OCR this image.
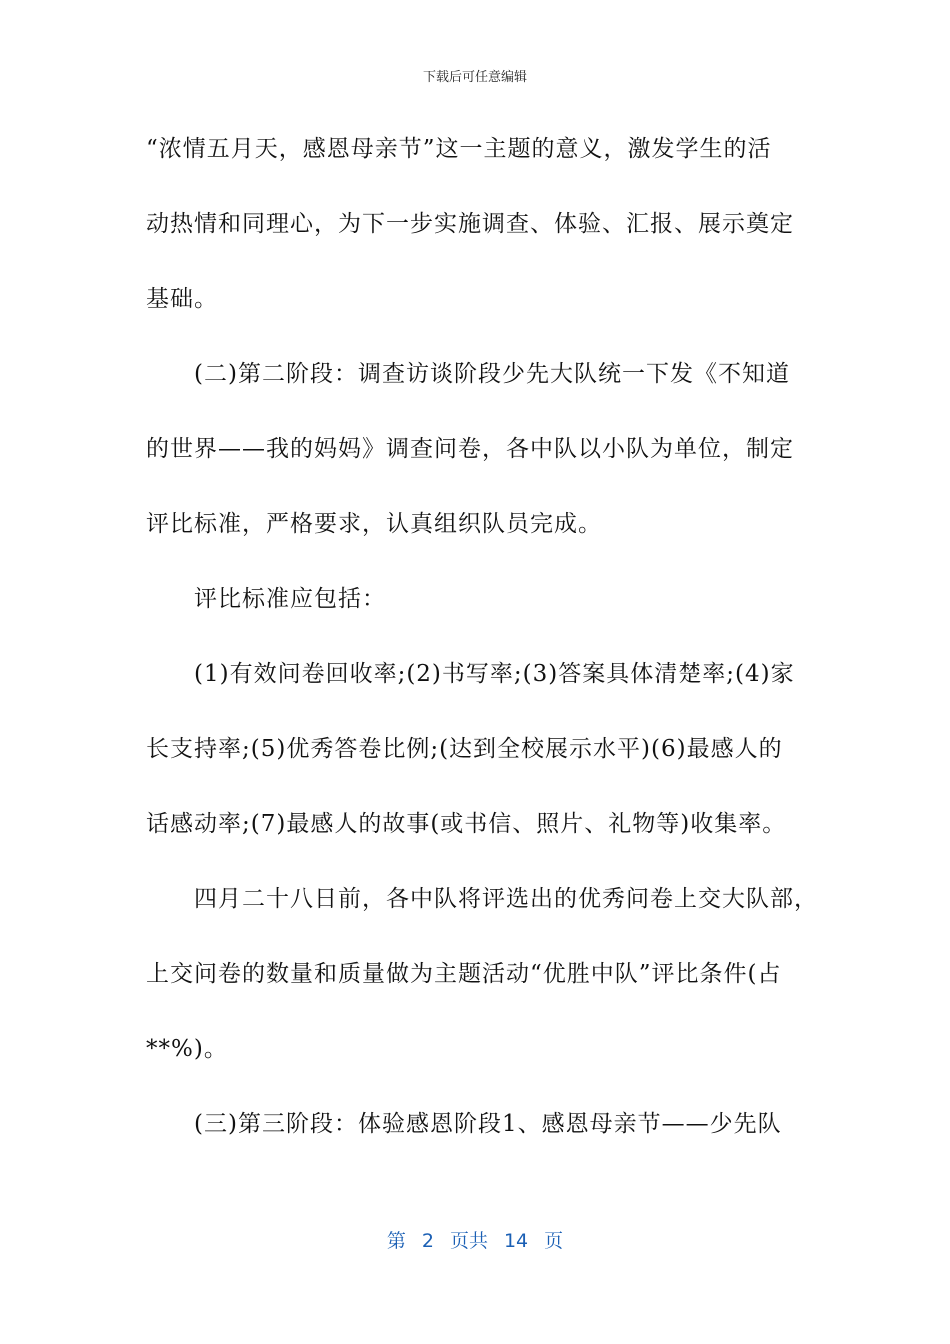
下载后可任意编辑
“浓情五月天，感恩母亲节”这一主题的意义，激发学生的活
动热情和同理心，为下一步实施调查、体验、汇报、展示奠定
基础。
(二)第二阶段：调查访谈阶段少先大队统一下发《不知道
的世界——我的妈妈》调查问卷，各中队以小队为单位，制定
评比标准，严格要求，认真组织队员完成。
评比标准应包括：
(1)有效问卷回收率;(2)书写率;(3)答案具体清楚率;(4)家
长支持率;(5)优秀答卷比例;(达到全校展示水平)(6)最感人的
话感动率;(7)最感人的故事(或书信、照片、礼物等)收集率。
四月二十八日前，各中队将评选出的优秀问卷上交大队部，
上交问卷的数量和质量做为主题活动“优胜中队”评比条件(占
**%)。
(三)第三阶段：体验感恩阶段1、感恩母亲节——少先队
第 2 页共 14 页
